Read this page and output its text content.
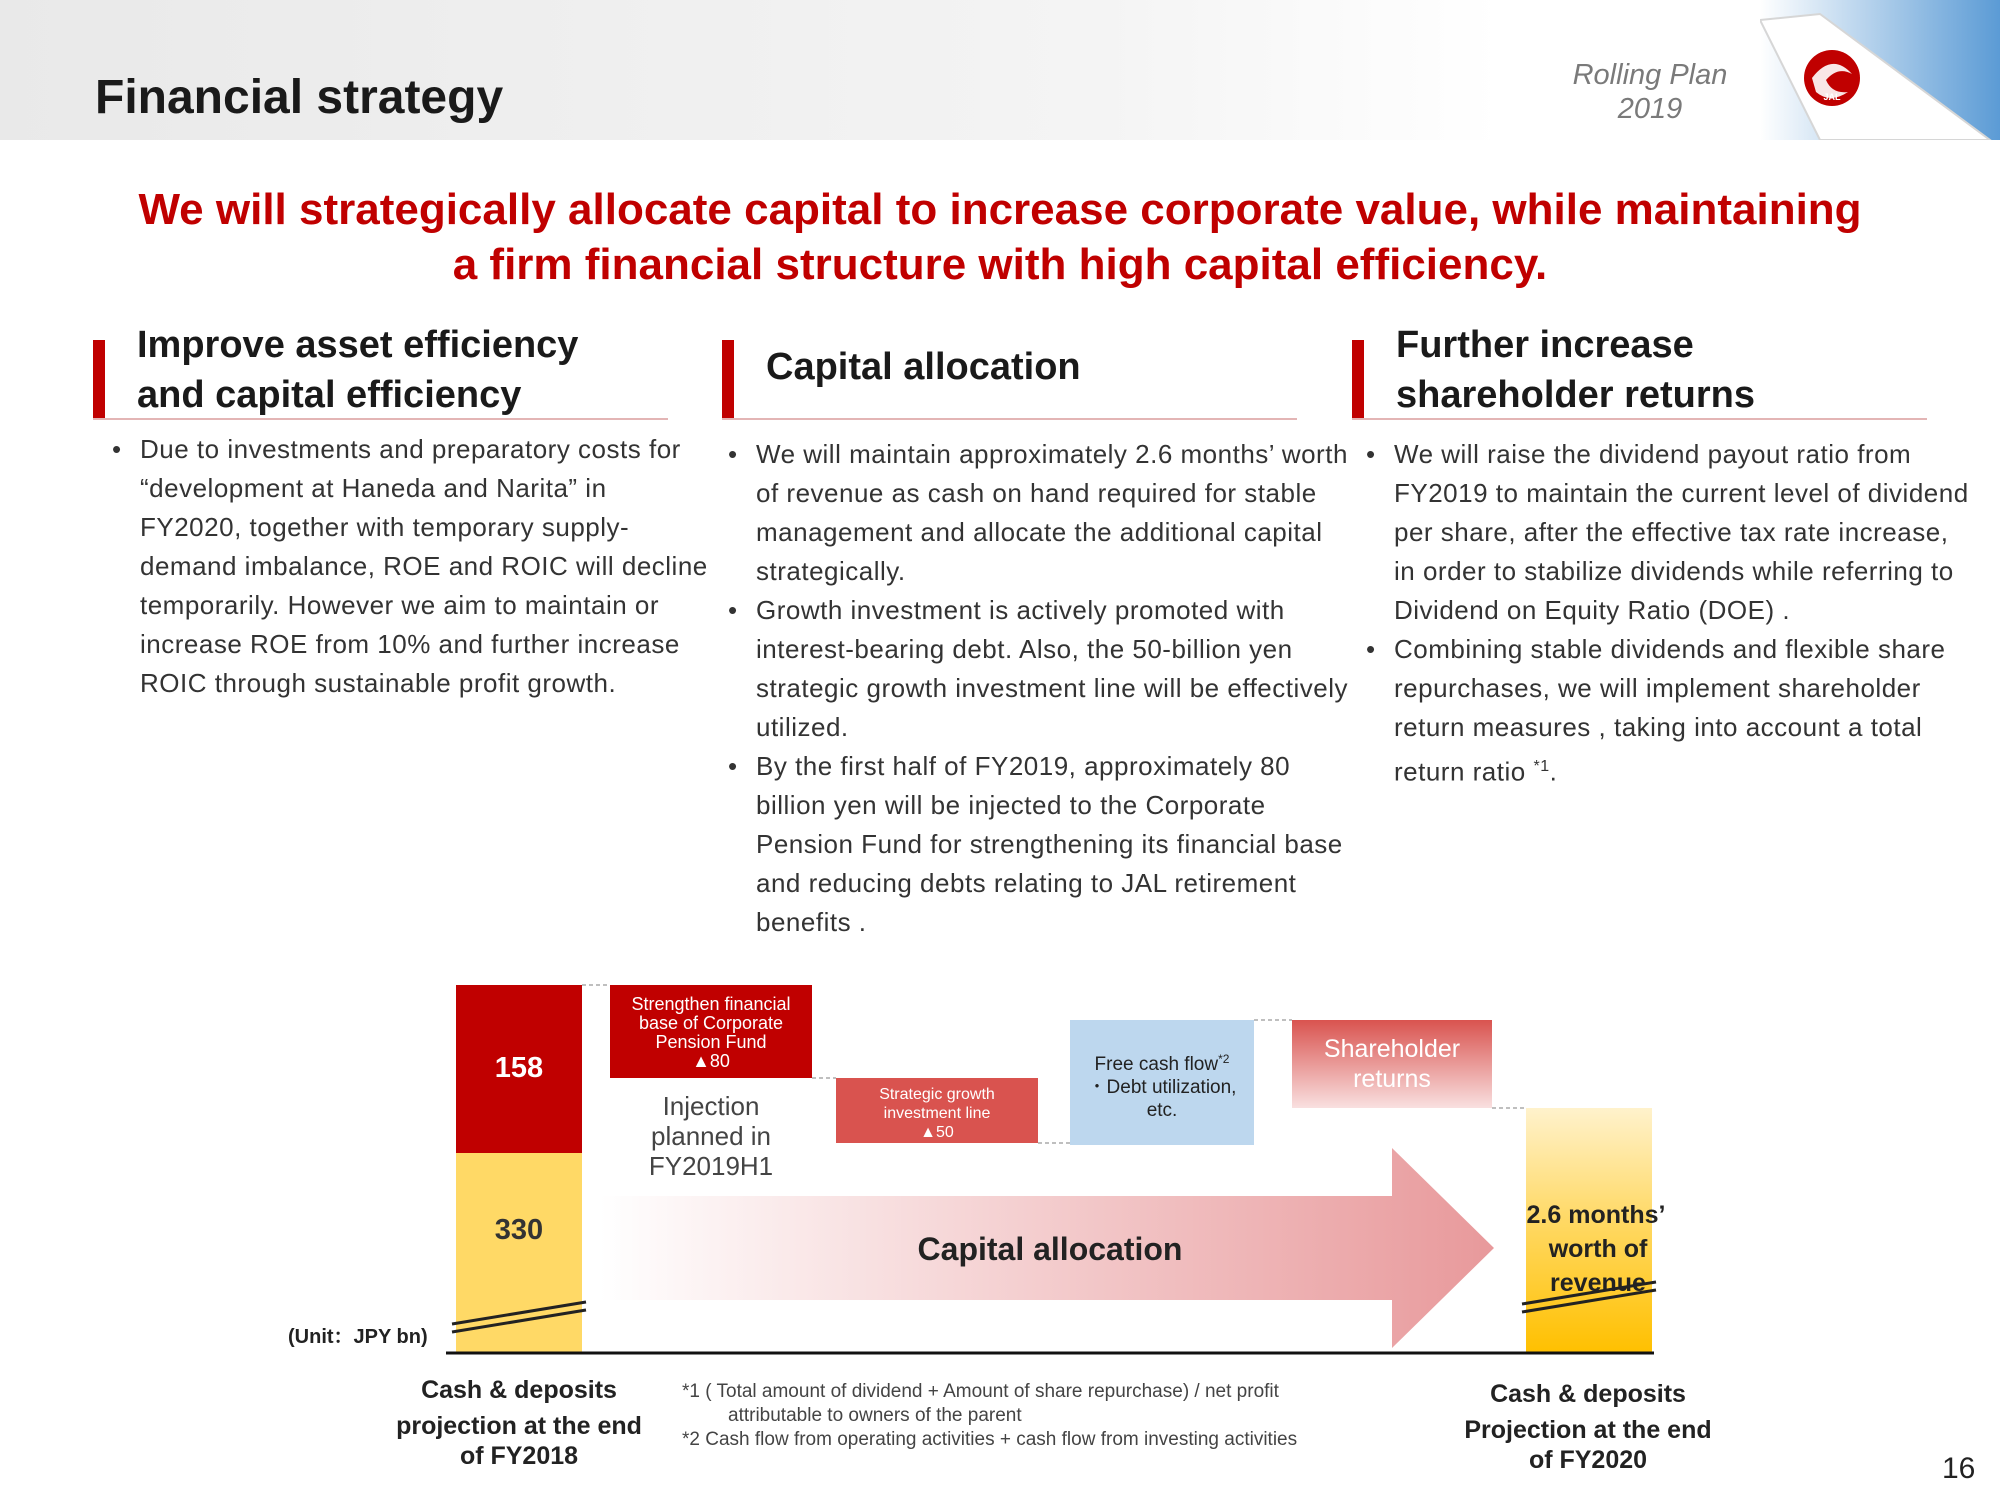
Financial strategy	Rolling Plan
2019	JAL
We will strategically allocate capital to increase corporate value, while maintaining
a firm financial structure with high capital efficiency.
Improve asset efficiency
and capital efficiency
• Due to investments and preparatory costs for “development at Haneda and Narita” in FY2020, together with temporary supply-demand imbalance, ROE and ROIC will decline temporarily. However we aim to maintain or increase ROE from 10% and further increase ROIC through sustainable profit growth.
Capital allocation
• We will maintain approximately 2.6 months’ worth of revenue as cash on hand required for stable management and allocate the additional capital strategically.
• Growth investment is actively promoted with interest-bearing debt. Also, the 50-billion yen strategic growth investment line will be effectively utilized.
• By the first half of FY2019, approximately 80 billion yen will be injected to the Corporate Pension Fund for strengthening its financial base and reducing debts relating to JAL retirement benefits .
Further increase
shareholder returns
• We will raise the dividend payout ratio from FY2019 to maintain the current level of dividend per share, after the effective tax rate increase, in order to stabilize dividends while referring to Dividend on Equity Ratio (DOE) .
• Combining stable dividends and flexible share repurchases, we will implement shareholder return measures , taking into account a total return ratio $^{*1}$.
158
330
Strengthen financial
base of Corporate
Pension Fund
▲80
Injection
planned in
FY2019H1
Strategic growth
investment line
▲50
Free cash flow$^{*2}$
・Debt utilization,
etc.
Shareholder
returns
Capital allocation
2.6 months’
worth of
revenue
(Unit：JPY bn)
Cash & deposits
projection at the end
of FY2018
Cash & deposits
Projection at the end
of FY2020
*1 ( Total amount of dividend + Amount of share repurchase) / net profit
attributable to owners of the parent
*2 Cash flow from operating activities + cash flow from investing activities
16
